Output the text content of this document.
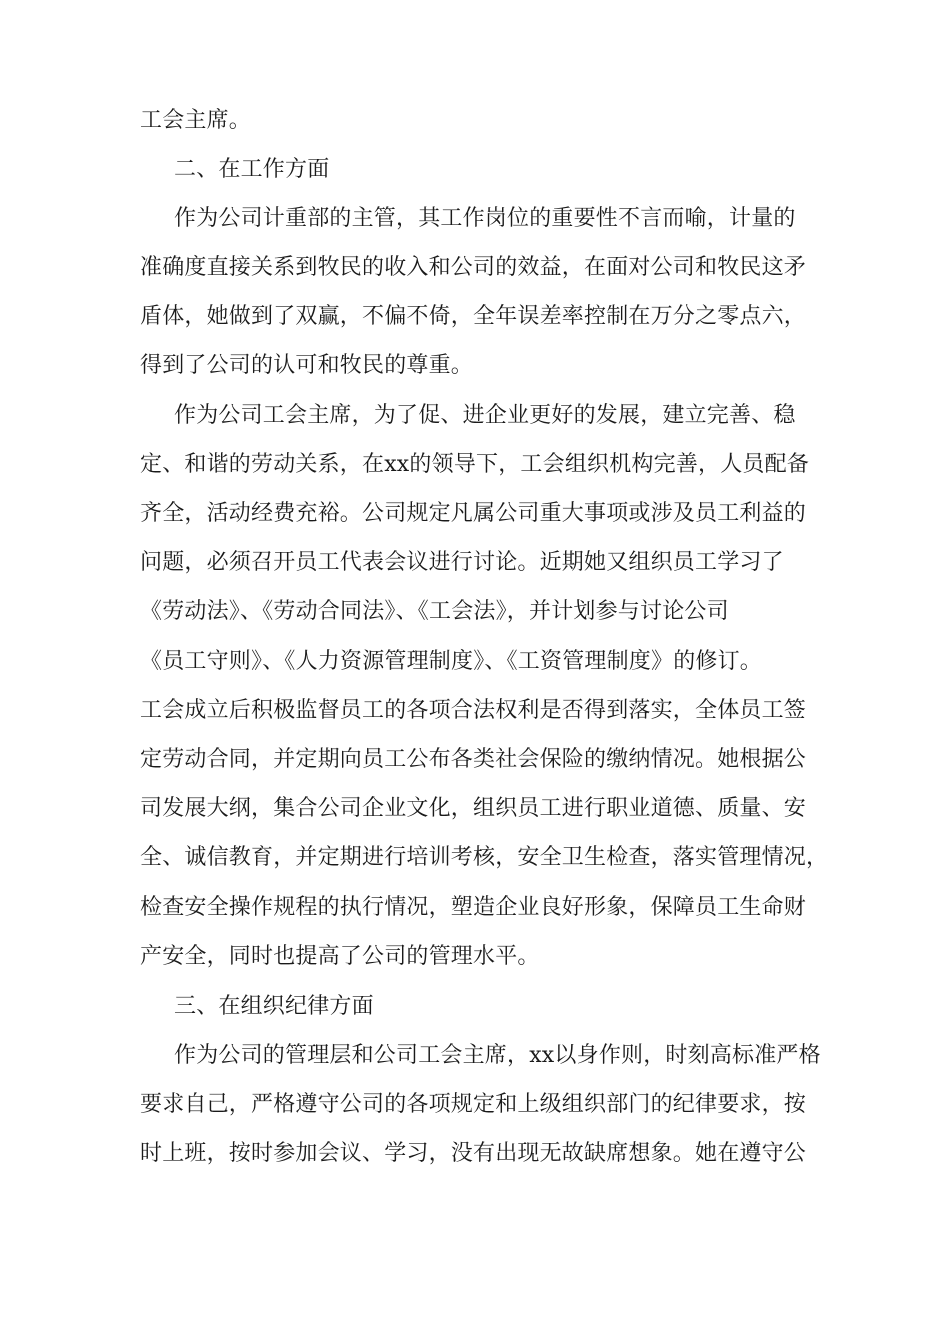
工会主席。
二、在工作方面
作为公司计重部的主管，其工作岗位的重要性不言而喻，计量的
准确度直接关系到牧民的收入和公司的效益，在面对公司和牧民这矛
盾体，她做到了双赢，不偏不倚，全年误差率控制在万分之零点六，
得到了公司的认可和牧民的尊重。
作为公司工会主席，为了促、进企业更好的发展，建立完善、稳
定、和谐的劳动关系，在xx的领导下，工会组织机构完善，人员配备
齐全，活动经费充裕。公司规定凡属公司重大事项或涉及员工利益的
问题，必须召开员工代表会议进行讨论。近期她又组织员工学习了
《劳动法》、《劳动合同法》、《工会法》，并计划参与讨论公司
《员工守则》、《人力资源管理制度》、《工资管理制度》的修订。
工会成立后积极监督员工的各项合法权利是否得到落实，全体员工签
定劳动合同，并定期向员工公布各类社会保险的缴纳情况。她根据公
司发展大纲，集合公司企业文化，组织员工进行职业道德、质量、安
全、诚信教育，并定期进行培训考核，安全卫生检查，落实管理情况，
检查安全操作规程的执行情况，塑造企业良好形象，保障员工生命财
产安全，同时也提高了公司的管理水平。
三、在组织纪律方面
作为公司的管理层和公司工会主席，xx以身作则，时刻高标准严格
要求自己，严格遵守公司的各项规定和上级组织部门的纪律要求，按
时上班，按时参加会议、学习，没有出现无故缺席想象。她在遵守公
